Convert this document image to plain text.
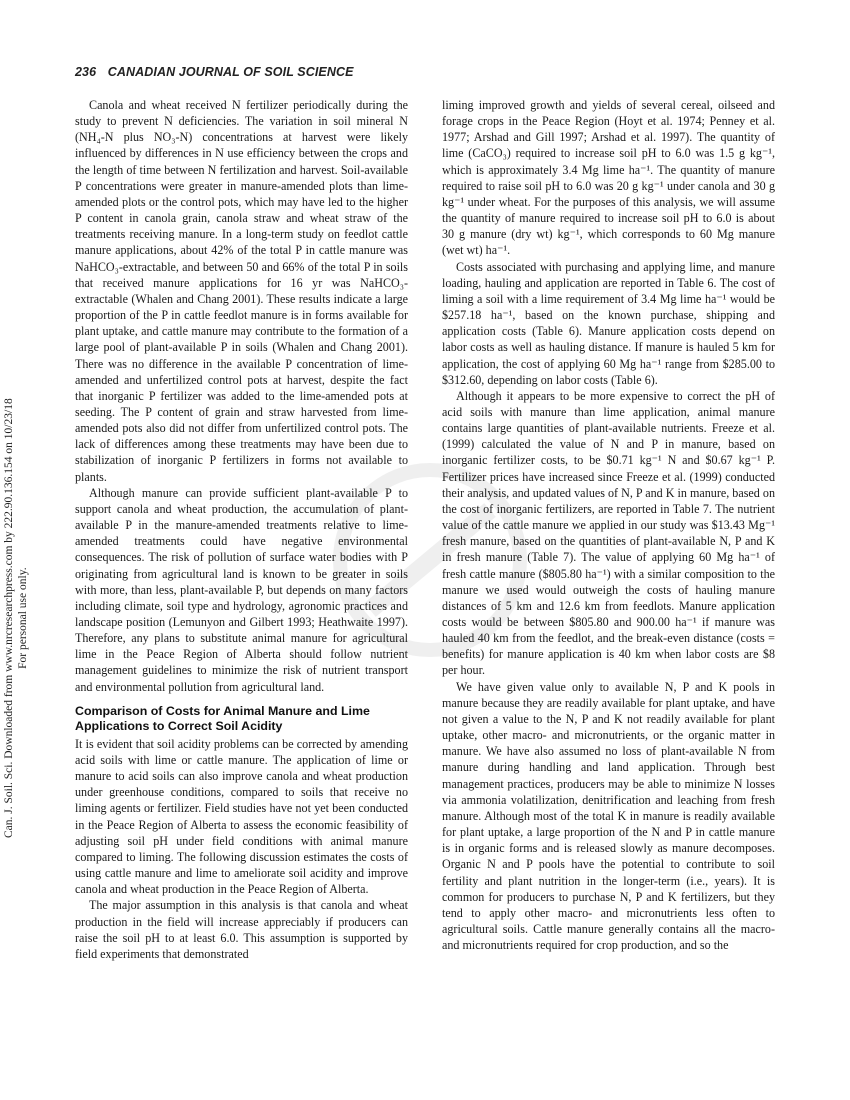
236 CANADIAN JOURNAL OF SOIL SCIENCE
Can. J. Soil. Sci. Downloaded from www.nrcresearchpress.com by 222.90.136.154 on 10/23/18 For personal use only.

Canola and wheat received N fertilizer periodically during the study to prevent N deficiencies. The variation in soil mineral N (NH₄-N plus NO₃-N) concentrations at harvest were likely influenced by differences in N use efficiency between the crops and the length of time between N fertilization and harvest. Soil-available P concentrations were greater in manure-amended plots than lime-amended plots or the control pots, which may have led to the higher P content in canola grain, canola straw and wheat straw of the treatments receiving manure. In a long-term study on feedlot cattle manure applications, about 42% of the total P in cattle manure was NaHCO₃-extractable, and between 50 and 66% of the total P in soils that received manure applications for 16 yr was NaHCO₃-extractable (Whalen and Chang 2001). These results indicate a large proportion of the P in cattle feedlot manure is in forms available for plant uptake, and cattle manure may contribute to the formation of a large pool of plant-available P in soils (Whalen and Chang 2001). There was no difference in the available P concentration of lime-amended and unfertilized control pots at harvest, despite the fact that inorganic P fertilizer was added to the lime-amended pots at seeding. The P content of grain and straw harvested from lime-amended pots also did not differ from unfertilized control pots. The lack of differences among these treatments may have been due to stabilization of inorganic P fertilizers in forms not available to plants.

Although manure can provide sufficient plant-available P to support canola and wheat production, the accumulation of plant-available P in the manure-amended treatments relative to lime-amended treatments could have negative environmental consequences. The risk of pollution of surface water bodies with P originating from agricultural land is known to be greater in soils with more, than less, plant-available P, but depends on many factors including climate, soil type and hydrology, agronomic practices and landscape position (Lemunyon and Gilbert 1993; Heathwaite 1997). Therefore, any plans to substitute animal manure for agricultural lime in the Peace Region of Alberta should follow nutrient management guidelines to minimize the risk of nutrient transport and environmental pollution from agricultural land.

Comparison of Costs for Animal Manure and Lime Applications to Correct Soil Acidity

It is evident that soil acidity problems can be corrected by amending acid soils with lime or cattle manure. The application of lime or manure to acid soils can also improve canola and wheat production under greenhouse conditions, compared to soils that receive no liming agents or fertilizer. Field studies have not yet been conducted in the Peace Region of Alberta to assess the economic feasibility of adjusting soil pH under field conditions with animal manure compared to liming. The following discussion estimates the costs of using cattle manure and lime to ameliorate soil acidity and improve canola and wheat production in the Peace Region of Alberta.

The major assumption in this analysis is that canola and wheat production in the field will increase appreciably if producers can raise the soil pH to at least 6.0. This assumption is supported by field experiments that demonstrated

liming improved growth and yields of several cereal, oilseed and forage crops in the Peace Region (Hoyt et al. 1974; Penney et al. 1977; Arshad and Gill 1997; Arshad et al. 1997). The quantity of lime (CaCO₃) required to increase soil pH to 6.0 was 1.5 g kg⁻¹, which is approximately 3.4 Mg lime ha⁻¹. The quantity of manure required to raise soil pH to 6.0 was 20 g kg⁻¹ under canola and 30 g kg⁻¹ under wheat. For the purposes of this analysis, we will assume the quantity of manure required to increase soil pH to 6.0 is about 30 g manure (dry wt) kg⁻¹, which corresponds to 60 Mg manure (wet wt) ha⁻¹.

Costs associated with purchasing and applying lime, and manure loading, hauling and application are reported in Table 6. The cost of liming a soil with a lime requirement of 3.4 Mg lime ha⁻¹ would be $257.18 ha⁻¹, based on the known purchase, shipping and application costs (Table 6). Manure application costs depend on labor costs as well as hauling distance. If manure is hauled 5 km for application, the cost of applying 60 Mg ha⁻¹ range from $285.00 to $312.60, depending on labor costs (Table 6).

Although it appears to be more expensive to correct the pH of acid soils with manure than lime application, animal manure contains large quantities of plant-available nutrients. Freeze et al. (1999) calculated the value of N and P in manure, based on inorganic fertilizer costs, to be $0.71 kg⁻¹ N and $0.67 kg⁻¹ P. Fertilizer prices have increased since Freeze et al. (1999) conducted their analysis, and updated values of N, P and K in manure, based on the cost of inorganic fertilizers, are reported in Table 7. The nutrient value of the cattle manure we applied in our study was $13.43 Mg⁻¹ fresh manure, based on the quantities of plant-available N, P and K in fresh manure (Table 7). The value of applying 60 Mg ha⁻¹ of fresh cattle manure ($805.80 ha⁻¹) with a similar composition to the manure we used would outweigh the costs of hauling manure distances of 5 km and 12.6 km from feedlots. Manure application costs would be between $805.80 and 900.00 ha⁻¹ if manure was hauled 40 km from the feedlot, and the break-even distance (costs = benefits) for manure application is 40 km when labor costs are $8 per hour.

We have given value only to available N, P and K pools in manure because they are readily available for plant uptake, and have not given a value to the N, P and K not readily available for plant uptake, other macro- and micronutrients, or the organic matter in manure. We have also assumed no loss of plant-available N from manure during handling and land application. Through best management practices, producers may be able to minimize N losses via ammonia volatilization, denitrification and leaching from fresh manure. Although most of the total K in manure is readily available for plant uptake, a large proportion of the N and P in cattle manure is in organic forms and is released slowly as manure decomposes. Organic N and P pools have the potential to contribute to soil fertility and plant nutrition in the longer-term (i.e., years). It is common for producers to purchase N, P and K fertilizers, but they tend to apply other macro- and micronutrients less often to agricultural soils. Cattle manure generally contains all the macro- and micronutrients required for crop production, and so the
